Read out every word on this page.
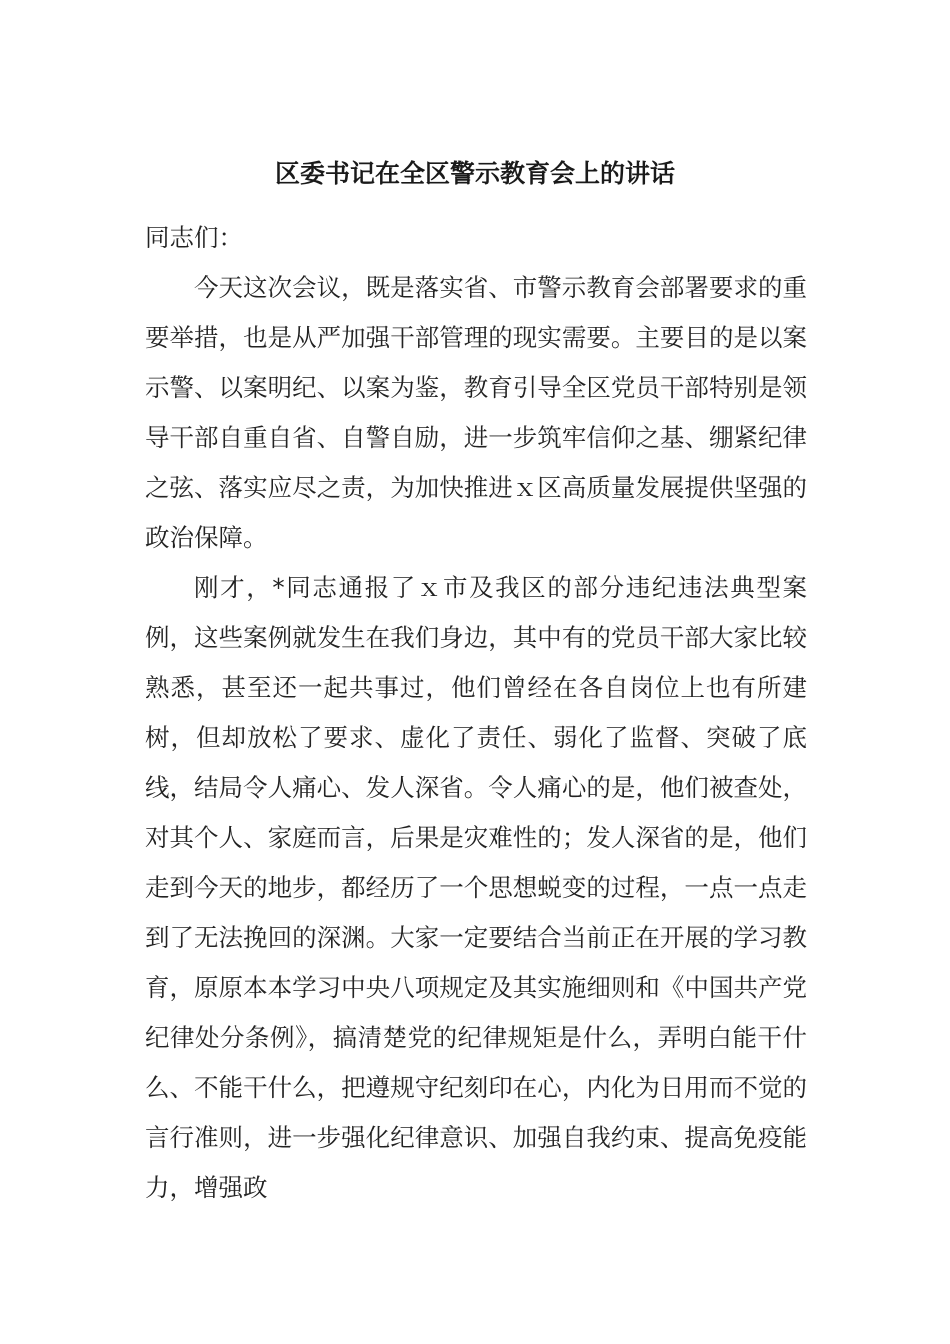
区委书记在全区警示教育会上的讲话

同志们：

今天这次会议，既是落实省、市警示教育会部署要求的重要举措，也是从严加强干部管理的现实需要。主要目的是以案示警、以案明纪、以案为鉴，教育引导全区党员干部特别是领导干部自重自省、自警自励，进一步筑牢信仰之基、绷紧纪律之弦、落实应尽之责，为加快推进ｘ区高质量发展提供坚强的政治保障。

刚才，*同志通报了ｘ市及我区的部分违纪违法典型案例，这些案例就发生在我们身边，其中有的党员干部大家比较熟悉，甚至还一起共事过，他们曾经在各自岗位上也有所建树，但却放松了要求、虚化了责任、弱化了监督、突破了底线，结局令人痛心、发人深省。令人痛心的是，他们被查处，对其个人、家庭而言，后果是灾难性的；发人深省的是，他们走到今天的地步，都经历了一个思想蜕变的过程，一点一点走到了无法挽回的深渊。大家一定要结合当前正在开展的学习教育，原原本本学习中央八项规定及其实施细则和《中国共产党纪律处分条例》，搞清楚党的纪律规矩是什么，弄明白能干什么、不能干什么，把遵规守纪刻印在心，内化为日用而不觉的言行准则，进一步强化纪律意识、加强自我约束、提高免疫能力，增强政
